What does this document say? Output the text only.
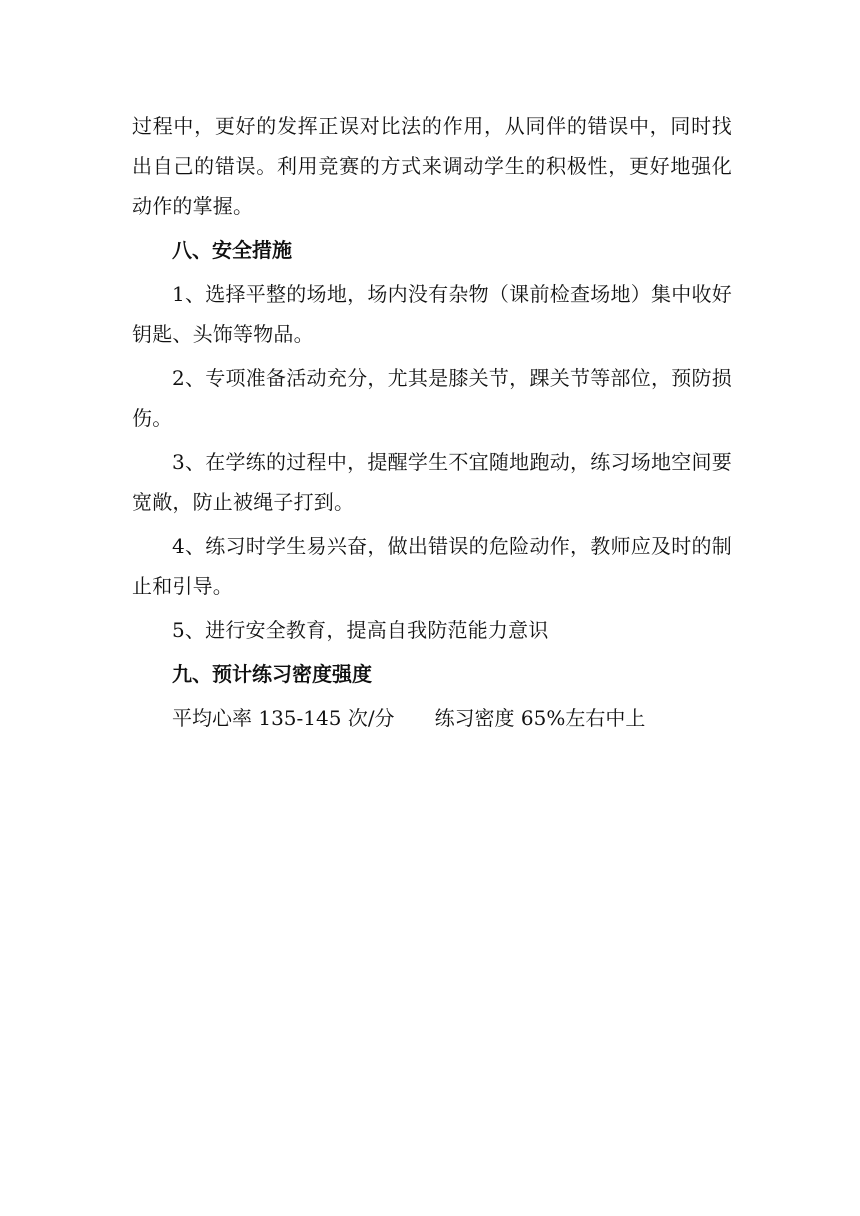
过程中，更好的发挥正误对比法的作用，从同伴的错误中，同时找出自己的错误。利用竞赛的方式来调动学生的积极性，更好地强化动作的掌握。

八、安全措施

1、选择平整的场地，场内没有杂物（课前检查场地）集中收好钥匙、头饰等物品。

2、专项准备活动充分，尤其是膝关节，踝关节等部位，预防损伤。

3、在学练的过程中，提醒学生不宜随地跑动，练习场地空间要宽敞，防止被绳子打到。

4、练习时学生易兴奋，做出错误的危险动作，教师应及时的制止和引导。

5、进行安全教育，提高自我防范能力意识

九、预计练习密度强度

平均心率 135-145 次/分 练习密度 65%左右中上
